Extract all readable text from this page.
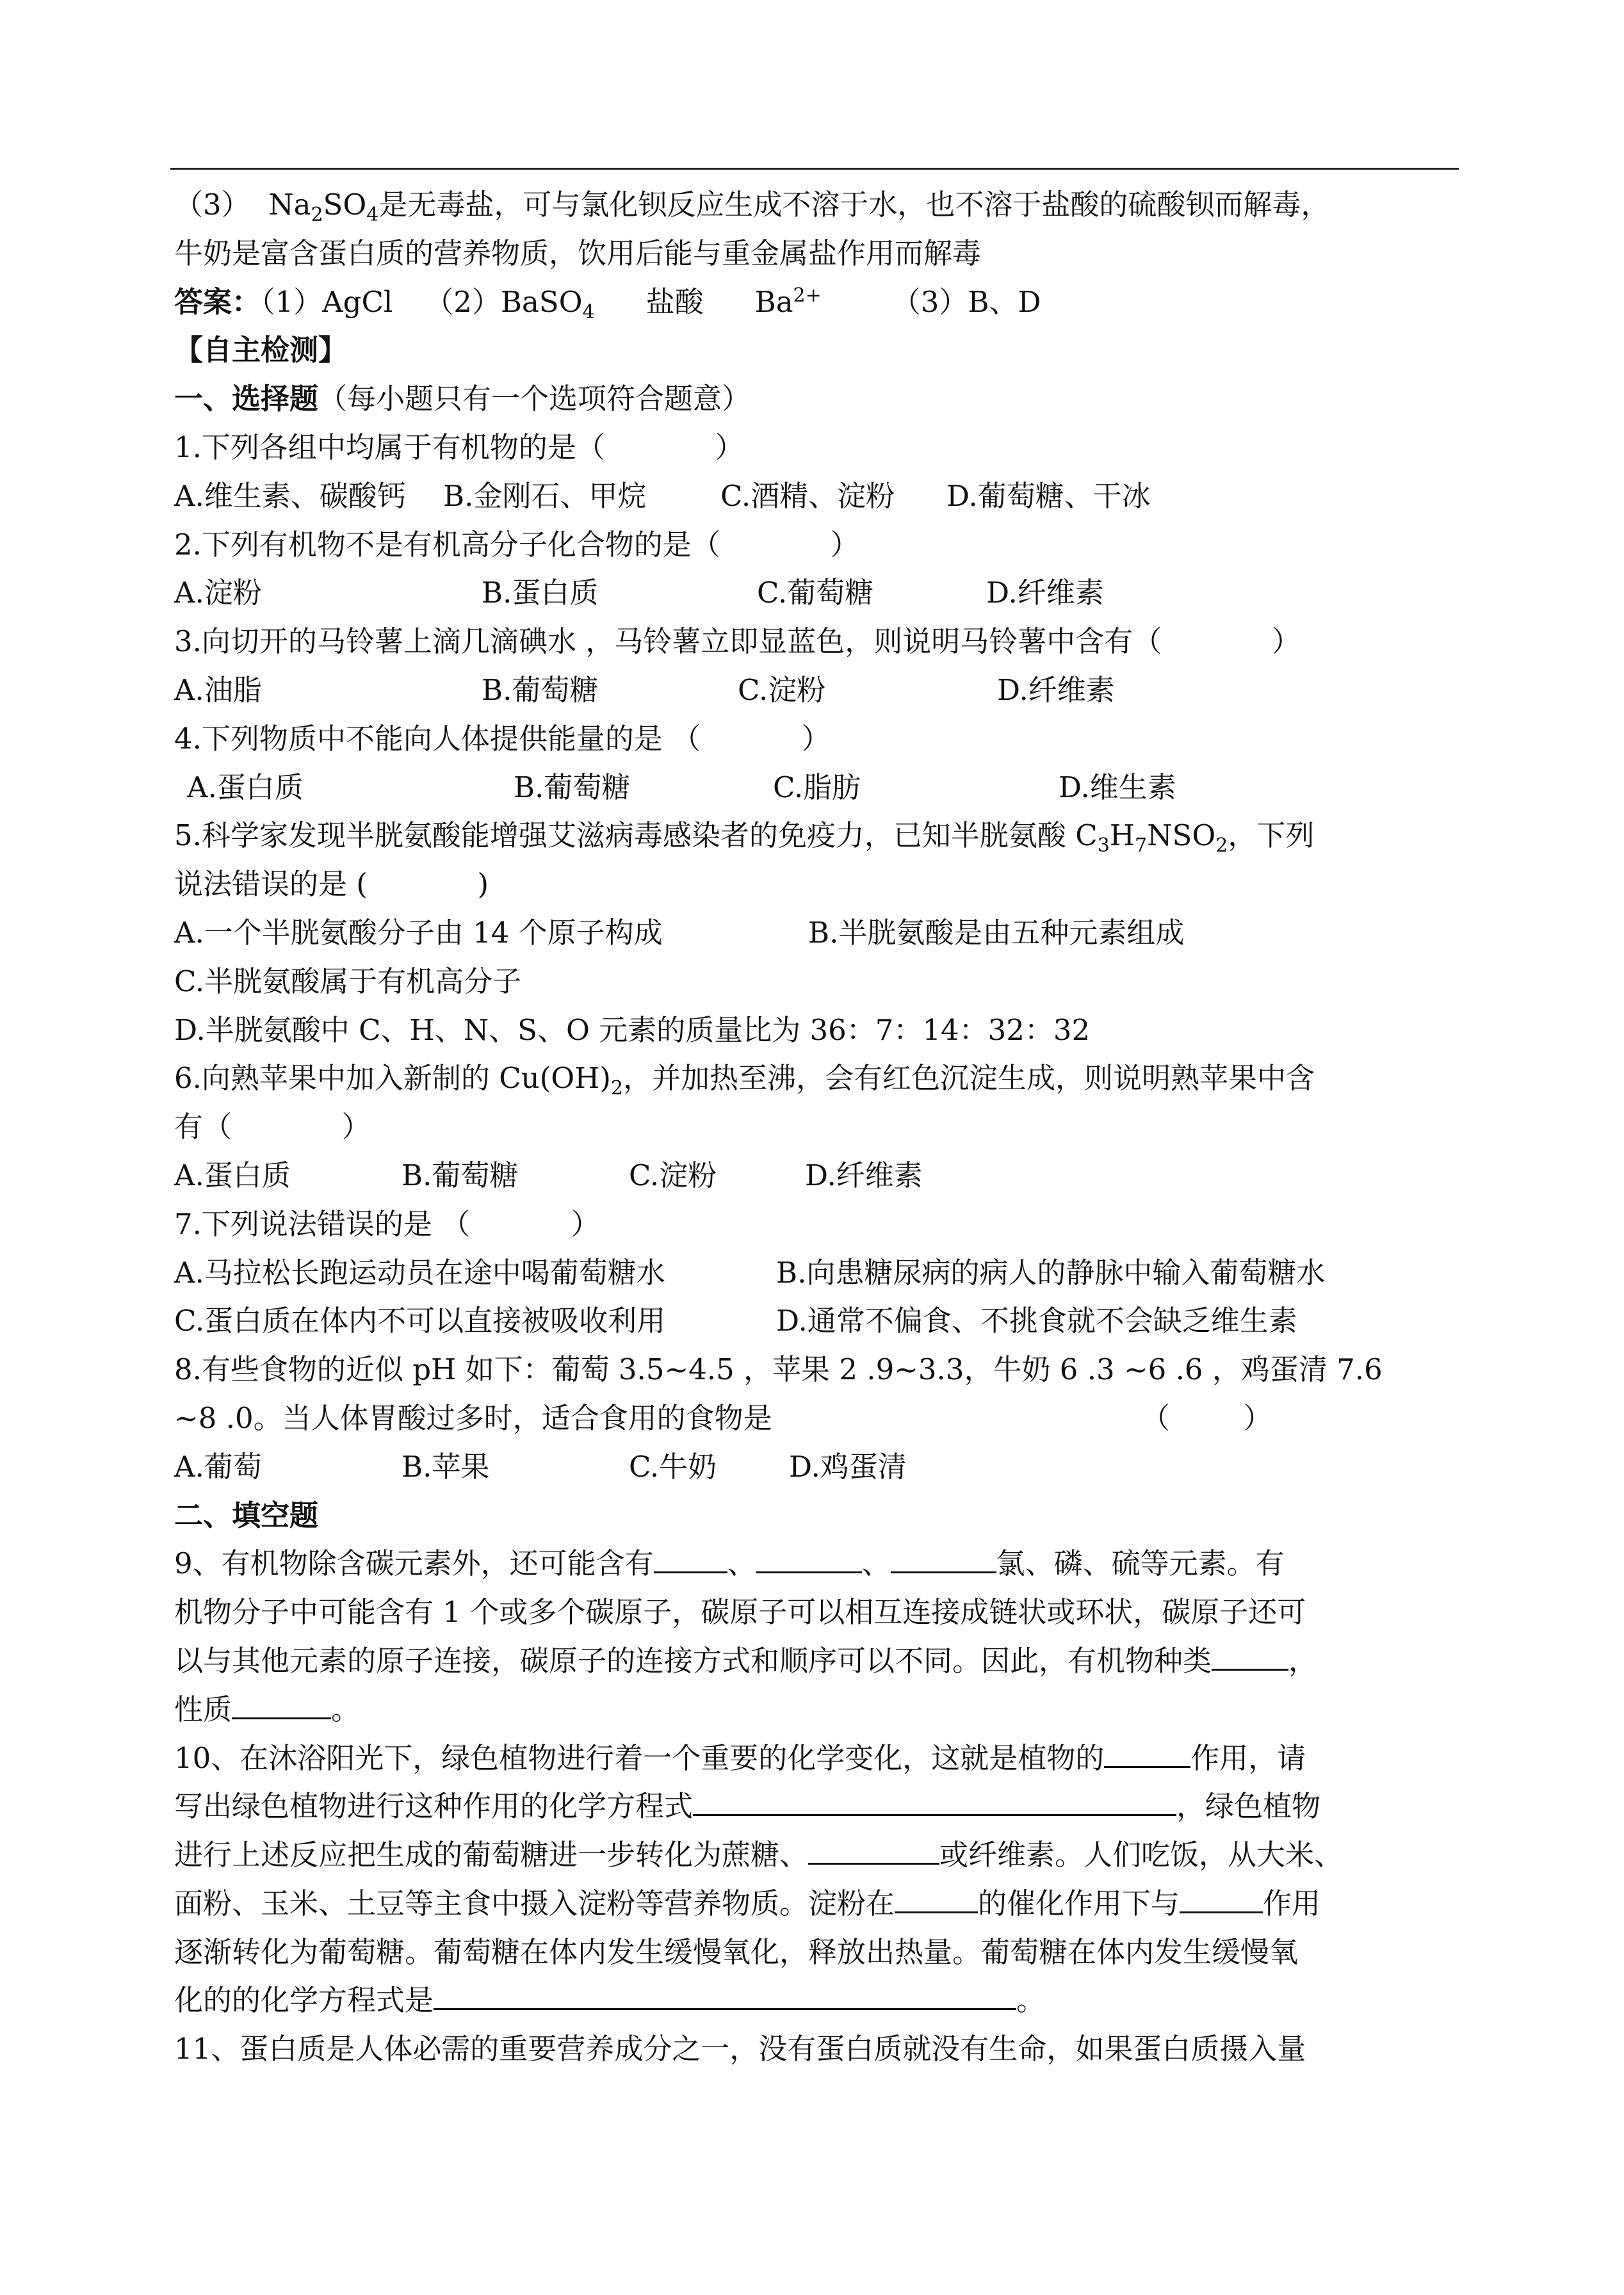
（3）  $Na_2SO_4$是无毒盐，可与氯化钡反应生成不溶于水，也不溶于盐酸的硫酸钡而解毒，
牛奶是富含蛋白质的营养物质，饮用后能与重金属盐作用而解毒
答案：（1）AgCl （2）BaSO$_4$ 盐酸 $Ba^{2+}$ （3）B、D
【自主检测】
一、选择题（每小题只有一个选项符合题意）
1.下列各组中均属于有机物的是（            ）
A.维生素、碳酸钙	B.金刚石、甲烷	C.酒精、淀粉	D.葡萄糖、干冰
2.下列有机物不是有机高分子化合物的是（            ）
A.淀粉	B.蛋白质	C.葡萄糖	D.纤维素
3.向切开的马铃薯上滴几滴碘水 ，马铃薯立即显蓝色，则说明马铃薯中含有（            ）
A.油脂	B.葡萄糖	C.淀粉	D.纤维素
4.下列物质中不能向人体提供能量的是 （           ）
A.蛋白质	B.葡萄糖	C.脂肪	D.维生素
5.科学家发现半胱氨酸能增强艾滋病毒感染者的免疫力，已知半胱氨酸 $C_3H_7NSO_2$，下列
说法错误的是 (            )
A.一个半胱氨酸分子由 14 个原子构成	B.半胱氨酸是由五种元素组成
C.半胱氨酸属于有机高分子
D.半胱氨酸中 C、H、N、S、O 元素的质量比为 36：7：14：32：32
6.向熟苹果中加入新制的 $Cu(OH)_2$，并加热至沸，会有红色沉淀生成，则说明熟苹果中含
有（            ）
A.蛋白质	B.葡萄糖	C.淀粉	D.纤维素
7.下列说法错误的是 （           ）
A.马拉松长跑运动员在途中喝葡萄糖水	B.向患糖尿病的病人的静脉中输入葡萄糖水
C.蛋白质在体内不可以直接被吸收利用	D.通常不偏食、不挑食就不会缺乏维生素
8.有些食物的近似 pH 如下：葡萄 3.5~4.5 ，苹果 2 .9~3.3，牛奶 6 .3 ~6 .6 ，鸡蛋清 7.6
~8 .0。当人体胃酸过多时，适合食用的食物是	（        ）
A.葡萄	B.苹果	C.牛奶	D.鸡蛋清
二、填空题
9、有机物除含碳元素外，还可能含有	、	、	氯、磷、硫等元素。有
机物分子中可能含有 1 个或多个碳原子，碳原子可以相互连接成链状或环状，碳原子还可
以与其他元素的原子连接，碳原子的连接方式和顺序可以不同。因此，有机物种类	，
性质	。
10、在沐浴阳光下，绿色植物进行着一个重要的化学变化，这就是植物的	作用，请
写出绿色植物进行这种作用的化学方程式	，绿色植物
进行上述反应把生成的葡萄糖进一步转化为蔗糖、	或纤维素。人们吃饭，从大米、
面粉、玉米、土豆等主食中摄入淀粉等营养物质。淀粉在	的催化作用下与	作用
逐渐转化为葡萄糖。葡萄糖在体内发生缓慢氧化，释放出热量。葡萄糖在体内发生缓慢氧
化的的化学方程式是	。
11、蛋白质是人体必需的重要营养成分之一，没有蛋白质就没有生命，如果蛋白质摄入量
